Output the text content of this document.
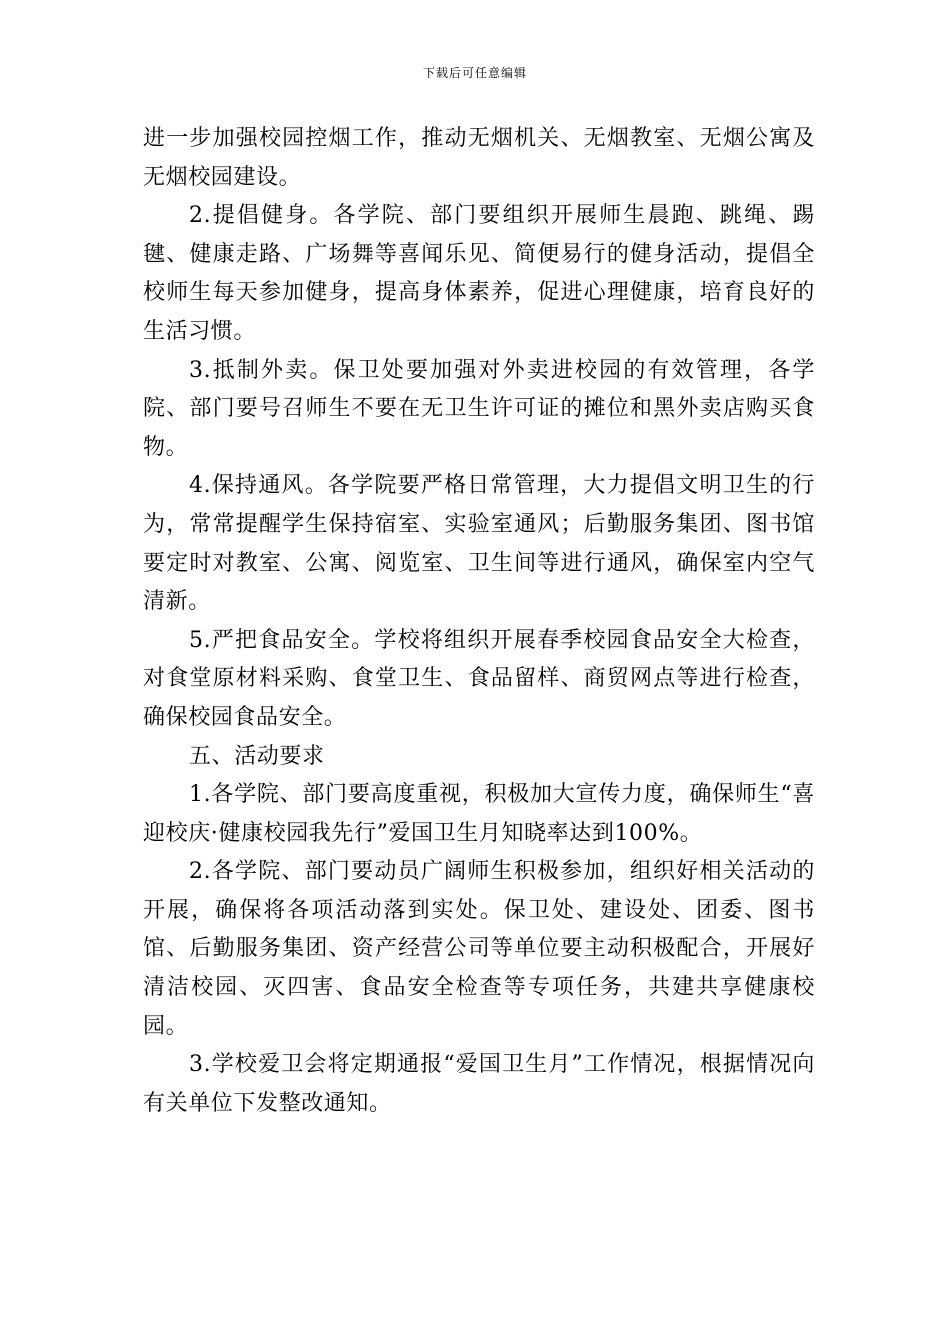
下载后可任意编辑

进一步加强校园控烟工作，推动无烟机关、无烟教室、无烟公寓及无烟校园建设。

2.提倡健身。各学院、部门要组织开展师生晨跑、跳绳、踢毽、健康走路、广场舞等喜闻乐见、简便易行的健身活动，提倡全校师生每天参加健身，提高身体素养，促进心理健康，培育良好的生活习惯。

3.抵制外卖。保卫处要加强对外卖进校园的有效管理，各学院、部门要号召师生不要在无卫生许可证的摊位和黑外卖店购买食物。

4.保持通风。各学院要严格日常管理，大力提倡文明卫生的行为，常常提醒学生保持宿室、实验室通风；后勤服务集团、图书馆要定时对教室、公寓、阅览室、卫生间等进行通风，确保室内空气清新。

5.严把食品安全。学校将组织开展春季校园食品安全大检查，对食堂原材料采购、食堂卫生、食品留样、商贸网点等进行检查，确保校园食品安全。

五、活动要求

1.各学院、部门要高度重视，积极加大宣传力度，确保师生“喜迎校庆·健康校园我先行”爱国卫生月知晓率达到100%。

2.各学院、部门要动员广阔师生积极参加，组织好相关活动的开展，确保将各项活动落到实处。保卫处、建设处、团委、图书馆、后勤服务集团、资产经营公司等单位要主动积极配合，开展好清洁校园、灭四害、食品安全检查等专项任务，共建共享健康校园。

3.学校爱卫会将定期通报“爱国卫生月”工作情况，根据情况向有关单位下发整改通知。
